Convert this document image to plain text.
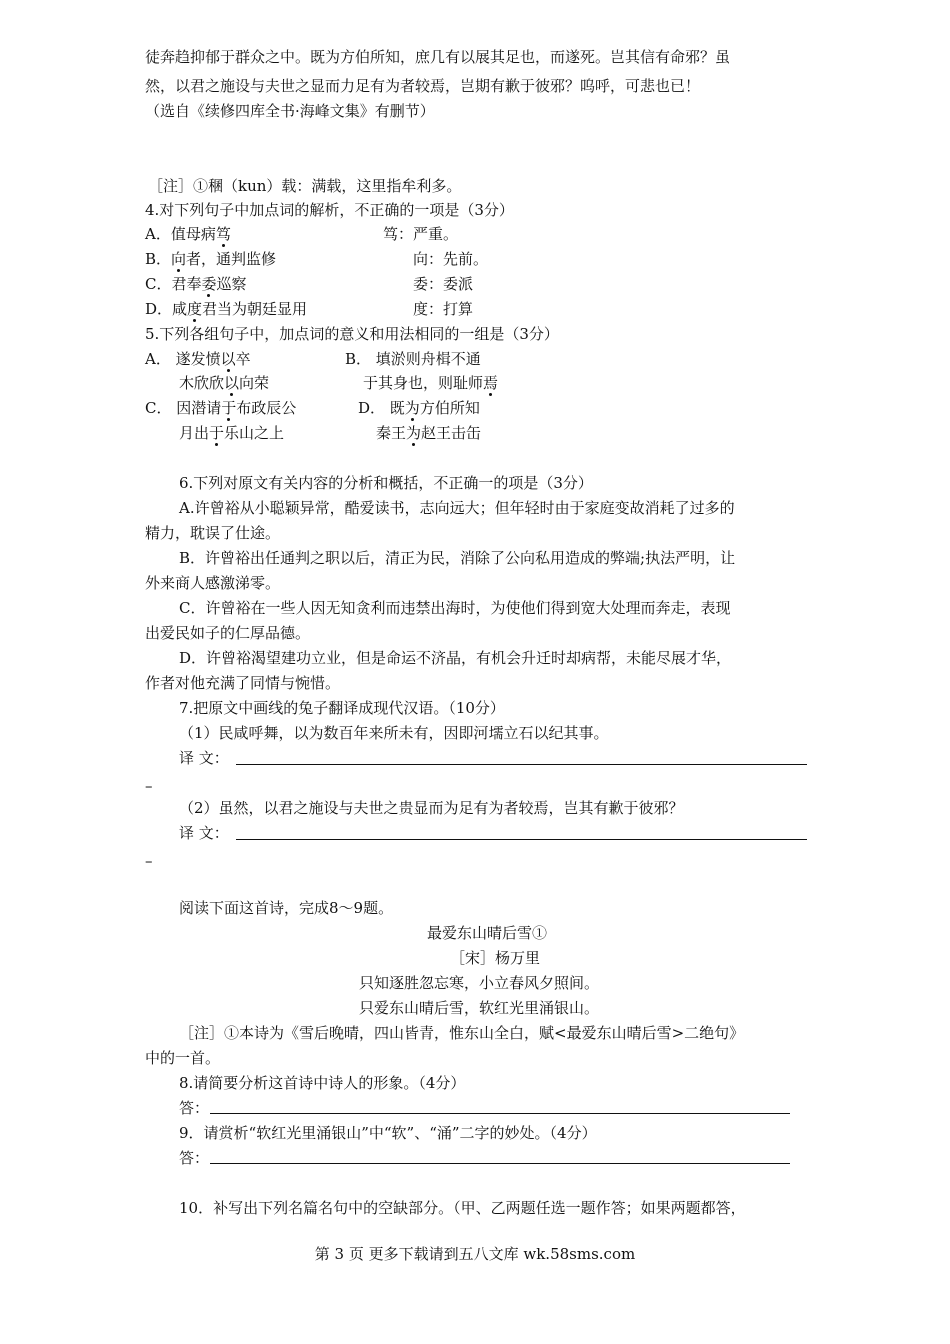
徒奔趋抑郁于群众之中。既为方伯所知，庶几有以展其足也，而遂死。岂其信有命邪？虽
然，以君之施设与夫世之显而力足有为者较焉，岂期有歉于彼邪？呜呼，可悲也已！
（选自《续修四库全书·海峰文集》有删节）
［注］①稛（kun）载：满载，这里指牟利多。
4.对下列句子中加点词的解析，不正确的一项是（3分）
A．值母病笃	笃：严重。
B．向者，通判监修	向：先前。
C．君奉委巡察	委：委派
D．咸度君当为朝廷显用	度：打算
5.下列各组句子中，加点词的意义和用法相同的一组是（3分）
A． 遂发愤以卒	B． 填淤则舟楫不通
木欣欣以向荣	于其身也，则耻师焉
C． 因潜请于布政辰公	D． 既为方伯所知
月出于乐山之上	秦王为赵王击缶
6.下列对原文有关内容的分析和概括，不正确一的项是（3分）
A.许曾裕从小聪颖异常，酷爱读书，志向远大；但年轻时由于家庭变故消耗了过多的
精力，耽误了仕途。
B．许曾裕出任通判之职以后，清正为民，消除了公向私用造成的弊端;执法严明，让
外来商人感激涕零。
C．许曾裕在一些人因无知贪利而违禁出海时，为使他们得到宽大处理而奔走，表现
出爱民如子的仁厚品德。
D．许曾裕渴望建功立业，但是命运不济晶，有机会升迁时却病帮，未能尽展才华，
作者对他充满了同情与惋惜。
7.把原文中画线的兔子翻译成现代汉语。（10分）
（1）民咸呼舞，以为数百年来所未有，因即河壖立石以纪其事。
译 文：
–
（2）虽然，以君之施设与夫世之贵显而为足有为者较焉，岂其有歉于彼邪？
译 文：
–
阅读下面这首诗，完成8～9题。
最爱东山晴后雪①
［宋］杨万里
只知逐胜忽忘寒，小立春风夕照间。
只爱东山晴后雪，软红光里涌银山。
［注］①本诗为《雪后晚晴，四山皆青，惟东山全白，赋<最爱东山晴后雪>二绝句》
中的一首。
8.请简要分析这首诗中诗人的形象。（4分）
答：
9．请赏析“软红光里涌银山”中“软”、“涌”二字的妙处。（4分）
答：
10．补写出下列名篇名句中的空缺部分。（甲、乙两题任选一题作答；如果两题都答，
第 3 页 更多下载请到五八文库 wk.58sms.com
